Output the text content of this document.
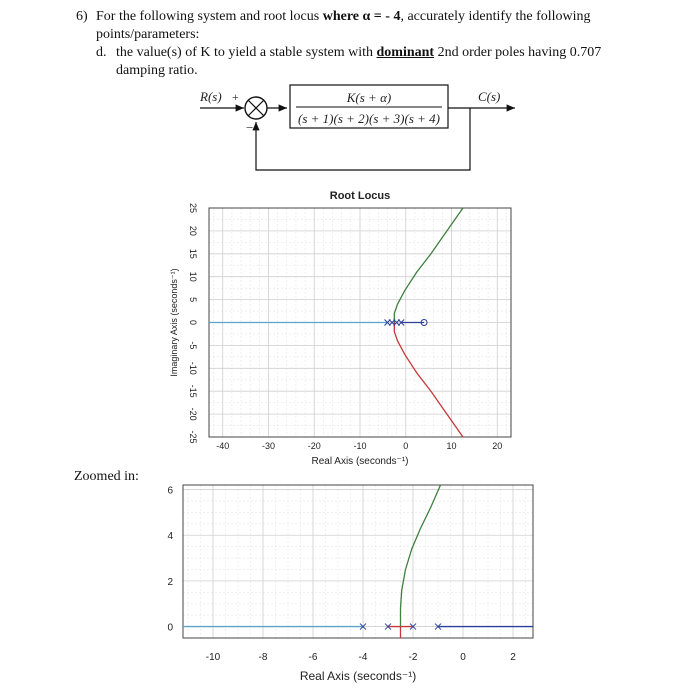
6) For the following system and root locus where α = - 4, accurately identify the following
points/parameters:
d. the value(s) of K to yield a stable system with dominant 2nd order poles having 0.707
damping ratio.
R(s) +
−
K(s + α)
(s + 1)(s + 2)(s + 3)(s + 4)
C(s)
Zoomed in:
-40	-30	-20	-10	0	10	20
-25
-20
-15
-10
-5
0
5
10
15
20
25
Root Locus
Real Axis (seconds⁻¹)
Imaginary Axis (seconds⁻¹)
-10	-8	-6	-4	-2	0	2
0
2
4
6
Real Axis (seconds⁻¹)
